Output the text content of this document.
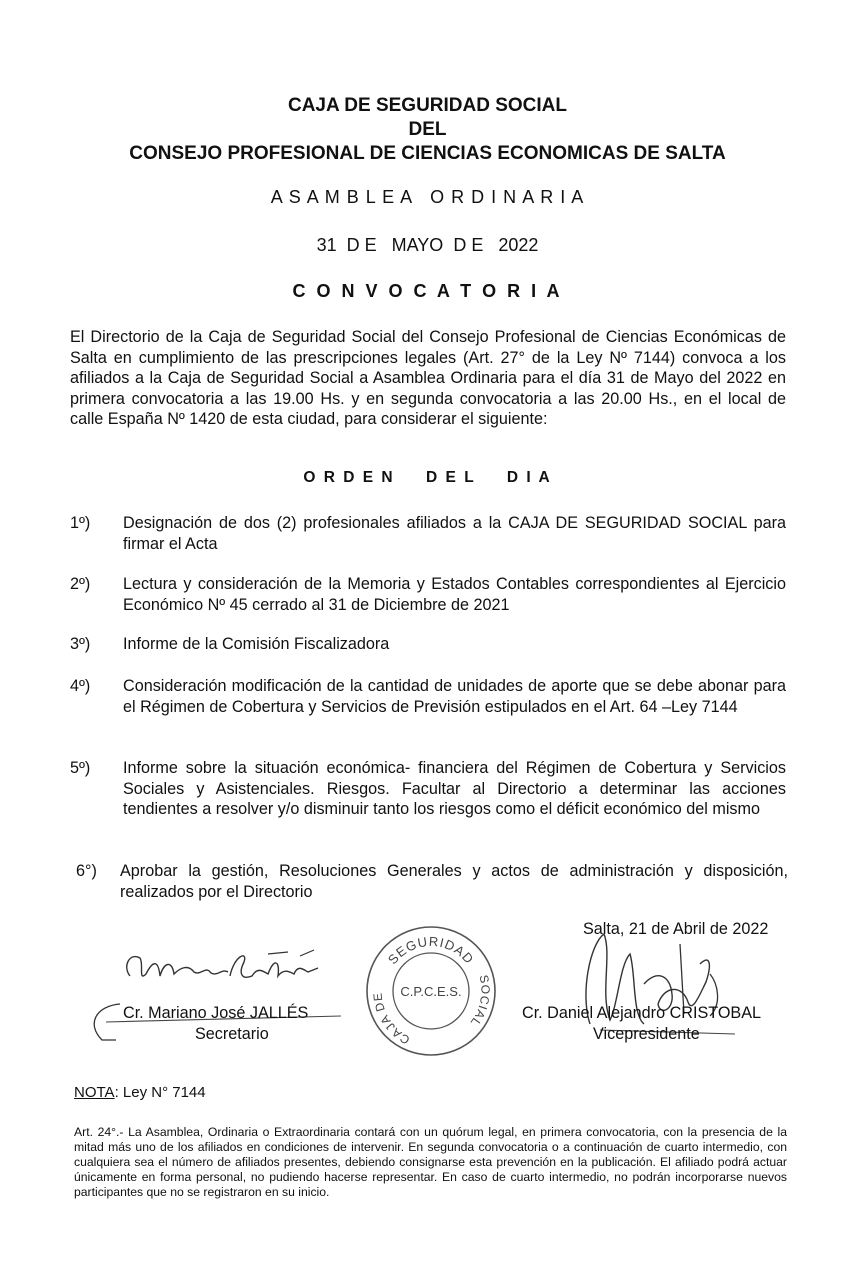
CAJA DE SEGURIDAD SOCIAL
DEL
CONSEJO PROFESIONAL DE CIENCIAS ECONOMICAS DE SALTA
A S A M B L E A   O R D I N A R I A
31  D E   MAYO  D E   2022
C O N V O C A T O R I A
El Directorio de la Caja de Seguridad Social del Consejo Profesional de Ciencias Económicas de Salta en cumplimiento de las prescripciones legales (Art. 27° de la Ley Nº 7144) convoca a los afiliados a la Caja de Seguridad Social a Asamblea Ordinaria para el día 31 de Mayo del 2022 en primera convocatoria a las 19.00 Hs. y en segunda convocatoria a las 20.00 Hs., en el local de calle España Nº 1420 de esta ciudad, para considerar el siguiente:
O R D E N     D E L     D I A
1º)	Designación de dos (2) profesionales afiliados a la CAJA DE SEGURIDAD SOCIAL para firmar el Acta
2º)	Lectura y consideración de la Memoria y Estados Contables correspondientes al Ejercicio Económico Nº 45 cerrado al 31 de Diciembre de 2021
3º)	Informe de la Comisión Fiscalizadora
4º)	Consideración modificación de la cantidad de unidades de aporte que se debe abonar para el Régimen de Cobertura y Servicios de Previsión estipulados en el Art. 64 –Ley 7144
5º)	Informe sobre la situación económica- financiera del Régimen de Cobertura y Servicios Sociales y Asistenciales. Riesgos. Facultar al Directorio a determinar las acciones tendientes a resolver y/o disminuir tanto los riesgos como el déficit económico del mismo
6°)	Aprobar la gestión, Resoluciones Generales y actos de administración y disposición, realizados por el Directorio
Salta, 21 de Abril de 2022
Cr. Mariano José JALLÉS
Secretario
SEGURIDAD
CAJA DE
SOCIAL
C.P.C.E.S.
Cr. Daniel Alejandro CRISTOBAL
Vicepresidente
NOTA: Ley N° 7144
Art. 24°.- La Asamblea, Ordinaria o Extraordinaria contará con un quórum legal, en primera convocatoria, con la presencia de la mitad más uno de los afiliados en condiciones de intervenir. En segunda convocatoria o a continuación de cuarto intermedio, con cualquiera sea el número de afiliados presentes, debiendo consignarse esta prevención en la publicación. El afiliado podrá actuar únicamente en forma personal, no pudiendo hacerse representar. En caso de cuarto intermedio, no podrán incorporarse nuevos participantes que no se registraron en su inicio.
